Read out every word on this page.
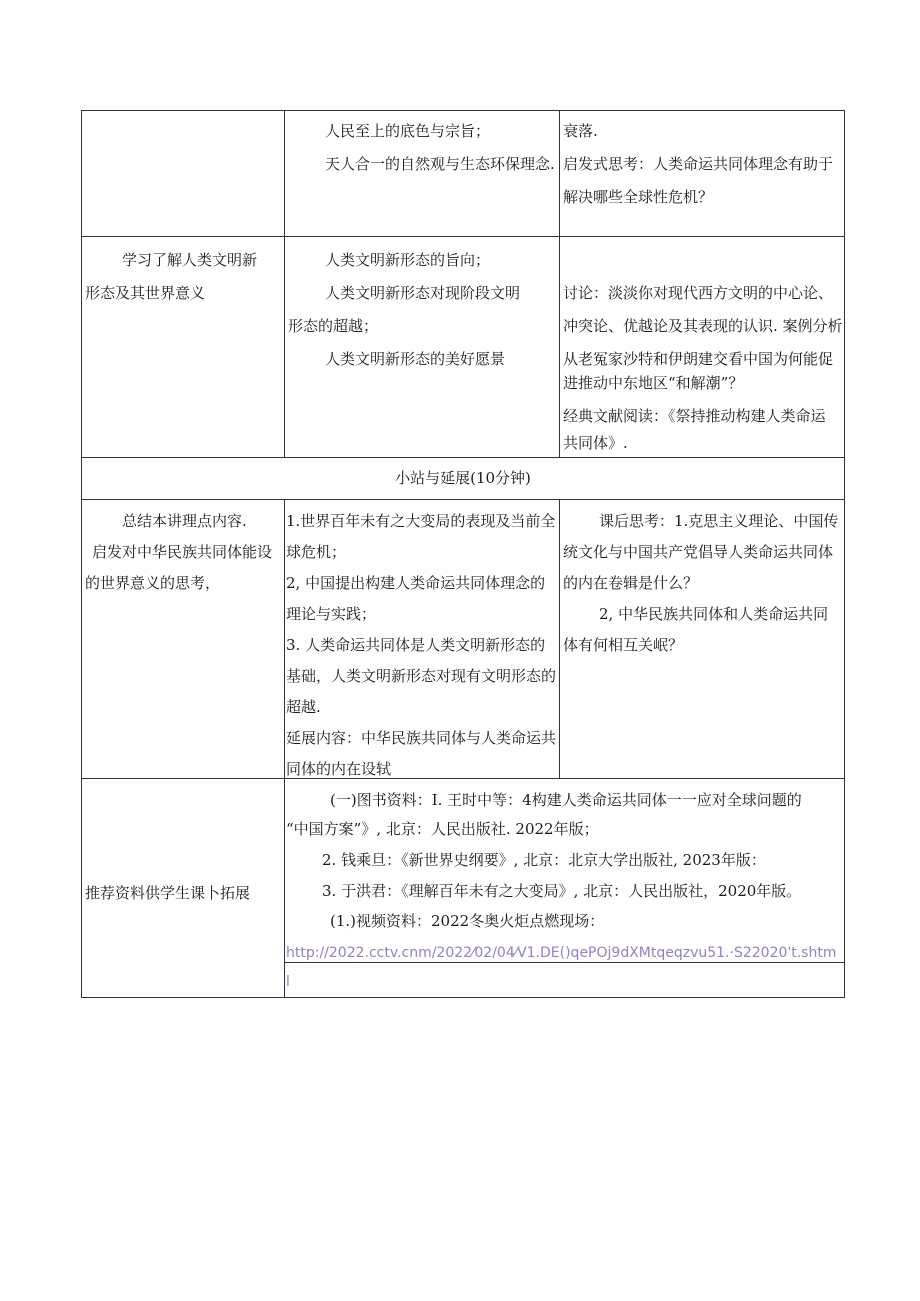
人民至上的底色与宗旨；
天人合一的自然观与生态环保理念.
衰落.
启发式思考：人类命运共同体理念有助于
解决哪些全球性危机？
学习了解人类文明新
形态及其世界意义
人类文明新形态的旨向；
人类文明新形态对现阶段文明
形态的超越；
人类文明新形态的美好愿景
讨论：淡淡你对现代西方文明的中心论、
冲突论、优越论及其表现的认识. 案例分析
从老冤家沙特和伊朗建交看中国为何能促
进推动中东地区“和解潮”？
经典文献阅读：《祭持推动构建人类命运
共同体》.
小站与延展(10分钟)
总结本讲理点内容.
启发对中华民族共同体能设
的世界意义的思考，
1.世界百年未有之大变局的表现及当前全
球危机；
2, 中国提出构建人类命运共同体理念的
理论与实践；
3. 人类命运共同体是人类文明新形态的
基础，人类文明新形态对现有文明形态的
超越.
延展内容：中华民族共同体与人类命运共
同体的内在设轼
课后思考：1.克思主义理论、中国传
统文化与中国共产党倡导人类命运共同体
的内在卷辑是什么？
2, 中华民族共同体和人类命运共同
体有何相互关岷？
推荐资料供学生课卜拓展
(一)图书资料：I. 王时中等：4构建人类命运共同体一一应对全球问题的
“中国方案”》, 北京：人民出版社. 2022年版；
2. 钱乘旦：《新世界史纲要》, 北京：北京大学出版社, 2023年版：
3. 于洪君：《理解百年未有之大变局》, 北京：人民出版社，2020年版。
(1.)视频资料：2022冬奥火炬点燃现场：
http://2022.cctv.cnm/2022⁄02/04⁄V1.DE()qePOj9dXMtqeqzvu51.·S22020't.shtm
l
